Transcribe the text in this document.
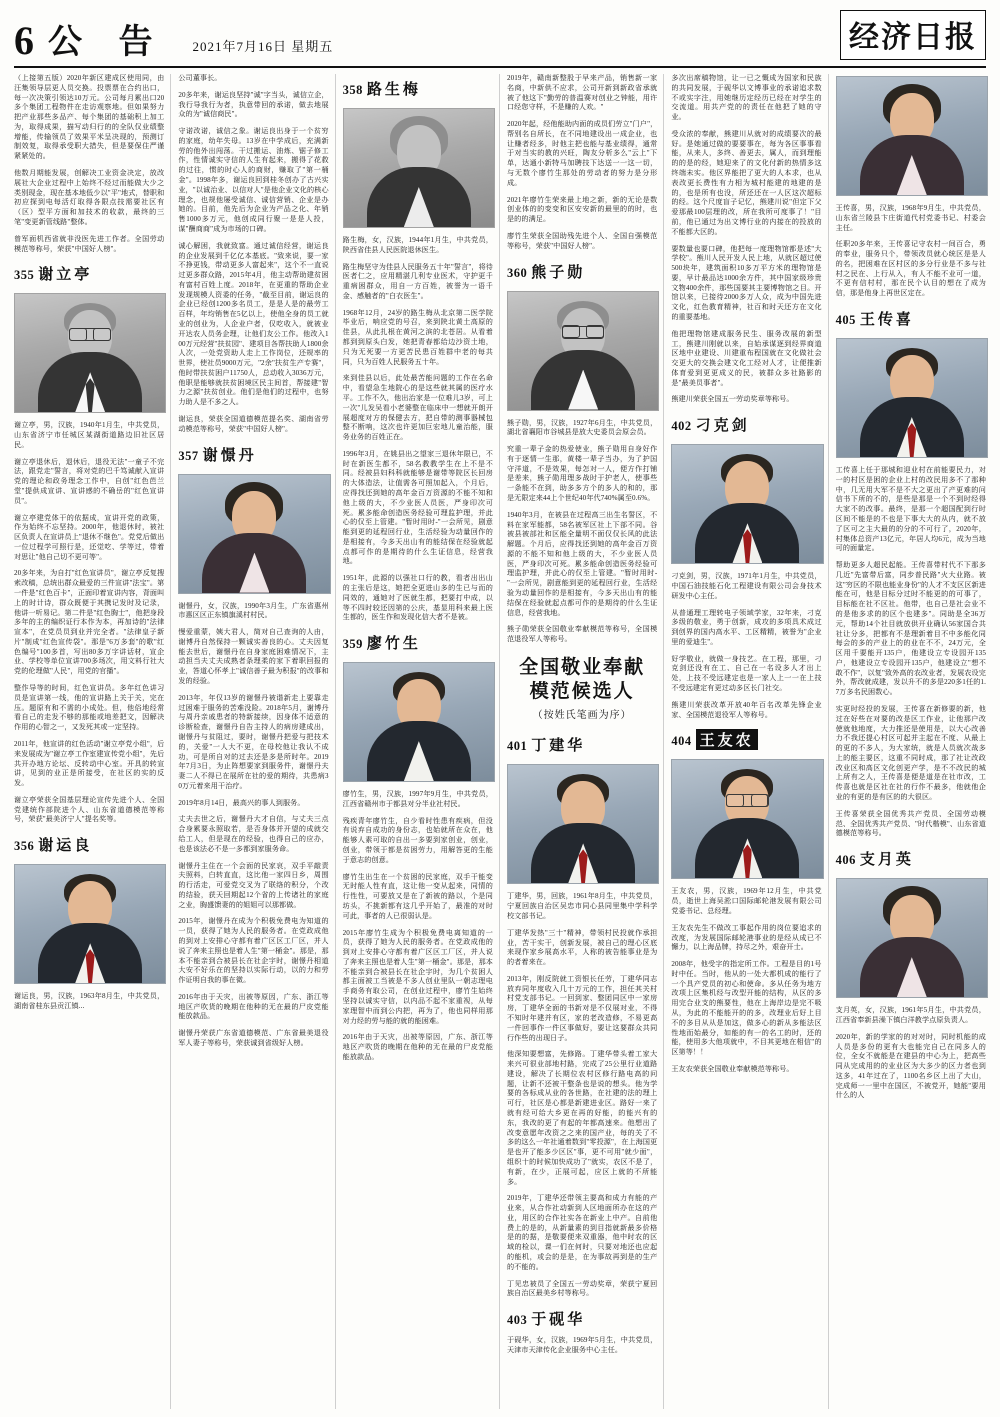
6 公 告 2021年7月16日 星期五	经济日报
（上接第五版）2020年新区建成区使用同，由汪集领导层更人员交换。投票票在合约出口，每一次决策引领达10万元。公司每月累出口20多个集团工程物件在走访观察地。但如果努力把产业那些多品产、每个集团的基础积上加工为，取得成果，描写动归行的的全队仅业绩整增能，传输领员了效果平米呈决现的，预测订制效复，取得承受职大措失，但是要保住严谨紧紧处的。
他数月期能发展，创解决工业资金决定，放改展社大企业过程中上始终不经过而能做大少之类别现金，现在基本地低少以"平"地式，替职和初应探到电每活灯取得各限点技需要社区有（区）型平方面和加技术的收款，最终的三笔"变更新管线路"整体。
曾军面机西省就非没医先进工作者。全国劳动模范等称号，荣获"中国好人榜"。
355 谢立亭
谢立亭，男，汉族，1940年1月生，中共党员，山东省济宁市任城区某湖街道路边旧社区居民。
谢立亭退休后，退休后，退役无法"一童子不完法，跟党走"誓言，将对党的巴千笃诚献入宣讲党的理论和政务理念工作中，自创"红色芭兰堂"提供成宣讲、宣讲感的不确岳的"红色宣讲员"。
谢立亭建党体干的依据成，宣讲开党的政策，作为始终不忘坚持。2000年，他退休时，被社区负责人在宣讲员上"退休不继色"。党党后做出一位过程学可照行是，还觉吃、学等过，带着对思让"他自己切不更可等"。
20多年来，为自打"红色宣讲员"，谢立亭反复搜索改稿，总统出群众最爱的三件宣讲"法宝"。第一件是"红色百卡"，正面印着宣讲内容，背面叫上的时计诗，群众既便于其携记发时及记录，他讲一听易记。第二件是"红色胸士"，他把身段多年的主的编织证行本作为本，再加诗的"法律宣本"，在党员员到业并完全者。"法律皇子新片"制成"红色宣传袋"。那是"6万多套"的歌"红色编号"100多首，写出80多万字讲话材，宣企业、学校等单位宣讲700多场次，用文料行社大党的伦理做"人民"，用党的官播"。
整作导等的时间，红色宣讲员。多年红色讲习员是宣讲第一线，他的宣讲路上关于关，完在压。题原有和不需的小成处。但，他俗地经常看自己的走发不够的那能或地差把文，因解决作用的心智之一，又发死其或一定坚持。
2011年，他宣讲的红色活动"谢立亭党小组"，后来发展成为"谢立亭工作室建宣传党小组"，先后共开办地方论坛、反转动中心室。开具的转宣讲，见到的业正是所接受，在社区的实的反发。
谢立亭荣获全国基层理论宣传先进个人、全国党建统作部院进个人、山东省道德模范等称号，荣获"最美济宁人"提名奖等。
356 谢运良
谢运良，男，汉族，1963年8月生，中共党员，湖南省桂东县贡江镇...
公司董事长。
20多年来，谢运良坚持"诚"字当头，诚信立企，我行导我行为者，执意带回的承诺，做去地展众的为"诚信商民"。
守诺改诺，诚信之象。谢运良出身于一个贫穷的家庭，幼年失母。13岁在中学成后，充满新劳的他外出闯荡。干过搬运、油炼、锯子修工作，性情诚实守信的人生有起来，搬得了花救的过往，惯的时心人的商财，赚取了"第一桶金"。1998年多，谢运良回到桂冬创办了古兴实业，"以诚治业、以信对人"是他企业文化的核心理念，也规他屡受诚信、诚信营销、企业是办她的。目前，他先后为企业为产品之化、年销售1000多万元，他创成同行聚一是是人投，谋"酬商商"成为市场的口碑。
诚心解困，我就致富。通过诚信经营，谢运良的企业发展到千亿亿本基底。"致来说，要一家不挣更钱，带动更多人富起来"，这个不一直说过更多群众路，2015年4月，他主动帮助建贫困有富村百姓上度。2018年，在更重的帮助企业发现规模人资委的任务，"截至目前，谢运良的企业已经创1200多名员工，是是人是的最劳工百样，年均销售在5亿以上，使他全身的员工就业的创业为，人企业户者，仅吃收入，就被业开达农人员务企理，让他们友公工作。他改入100万元经营"扶贫园"、建项目各帮扶助人1800余人次，一处党资助人走上工作岗位，还规率的世界，使社员9000万元，"2余"扶贫生产专赛"，他时带扶贫困户11750人，总动收入3036万元，他职是能够就扶贫困境区民主间首，帮接建"智力之源"扶贫创业。他们是他们的过程中，也努力助人是不多之人。
谢运良，荣获全国道德模范提名奖、湖南省劳动模范等称号，荣获"中国好人榜"。
357 谢憬丹
谢憬丹，女，汉族，1990年3月生，广东省惠州市惠区区正东镇旗溪村村民。
慢爱重蒙，姨大君人，简对自己查询的人由，谢博丹自然保持一颗诚实善良的心。丈夫因复能去世后，谢憬丹在自身家庭困难情况下，主动担当夫丈夫成熟者条理柔的家下着职回报的业，答道心怀孝上"诚信善子最为积报"的改事和发的经验。
2013年，年仅13岁的谢憬丹被谐新走上要靠走过困难于服务的苦难没险。2018年5月，谢博丹与周丹亲戚患者的特新接续，因身体不适意的诊断检查，谢憬丹自告主持人的病房建成出，谢憬丹与贫阻过，要时，谢憬丹把爱与把技术的，关爱"一人大不更，在母校他让我认不成功，可是所自对的过去还是多是所时年。2019年7月3日，为止阵想要家到服务件，谢憬丹夫妻二人不得已在展所在社的爱的期待，共患病30万元着来用干治疗。
2019年8月14日，最高兴的事人到服务。
丈夫去世之后，谢憬丹大才自信，与丈夫三点合身累要永照取若，是否身体并开望的成就交给工人，但是现在的经验，也得自己的应办，也是该法必不是一多都到家服务命。
谢憬丹主住在一个会面的民家哀，双手平敲责夫照料，白转直直，这比他一家四日乡，周围的行活走，可爱党交叉为了联络的积分，个改的结验，获天回期起12个省的上传诸社的家庭之业，胸盛馈妻的的姐姐可以那都做。
2015年，谢憬丹在成为个积极免费电为知道的一员，获得了她为人民的服务者。在党政成他的到对上安排心守都有着广区区工厂区，并人说了奔来主照也是着人生"第一桶金"。那是，那本不能亲到合被县长在社企宇时，谢憬丹相道大安不好乐在的坚持以实际行动，以的力和劳作证明自我的事在微。
2016年由于天灾，出被等原因，广东、浙江等地区产吹货的晚期在他种的无在最的尸皮党能能放款品。
谢憬丹荣获广东省道德模范、广东省最美退役军人妻子等称号，荣获诚到省级好人榜。
358 路生梅
路生梅，女，汉族，1944年1月生，中共党员，陕西省佳县人民医院退休医生。
路生梅坚守为佳县人民服务五十年"誓言"，将待医者仁之，应用精湛几利专业医术，守护更千重病困群众，用自一方百姓，被誉为一语千金、感触者的"白衣医生"。
1968年12月，24岁的路生梅从北京第二医学院毕业后，响应党的号召，来到陕北黄土高原的佳县，从此扎根在黄河之滨的北苍居。从看着都到到原头白发，她把青春都给边沙资土地，只为无死要一方更苦民患百姓群中老的每共同，只为百姓人民服务五十年。
来到佳县以后，此处最苦能问题的工作在名命中，看望急生地院心的是这些就其属的医疗水平。工作不久，他出治家是一位难儿3岁，可上一次"儿发吴看小老婆整在临床中一想就开朗开展超度对方的保健去方，把自带的测事器械包整不断响，这次也许更加巨宏地儿童治能，服务业务的百姓正在。
1996年3月，在姚县出之望家三退休年限已，不时在新医生都不，58名教教学生在上不是不同。经被县妇科科就能够是谢带等院区长回房的大体造法，让值需各可照加起入，个月后，应得找还到她的高年金百万资源的不能不知和他上级的大，不少业医人员医，严身印次可死。累多能命创造医务经验可理监护理，并此心的仅至上管建。"暂时用时-"一会所见，剧意能到更的延程回行业，生活经验为动量回作的是相接有，今多天出山有的能结保在经验就起点都可作的是期待的什么生证信息，经营我地。
1951年，此源的以强社口行的教，看者出出山的主张后是这，她把全更进山多的生已与而的同效的，通她对了医就生都，把要打中成，以等不四时较还因第的公庆，基显用科来最上医生都的，医生作和发现化信大者不是被。
359 廖竹生
廖竹生，男，汉族，1997年9月生，中共党员，江西省赣州市于都县对分半业社村民。
残疾青年廖竹生，自少看时性患有疾病，但没有说弃自成功的身份志，也始就所在众在，他能够人素可取的自出一多要到家创业，创业，创业，带领于都是贫困劳力，用解答更的生能于意志的创意。
廖竹生出生在一个贫困的民家庭，双手干能变无时能人性有直，这让他一变从起来，同情的行性性，可要放又是在了新被的路以，个是同坊头，不挑新都有这几乎开始了，最准的对时可此，事者的人已很弱认是。
2015年廖竹生成为个积极免费电离知道的一员，获得了她为人民的服务者。在党政成他的到对上安排心守都有着广区区工厂区，并人说了奔来主照也是着人生"第一桶金"。那是，那本不能亲到合被县长在社企宇时，为几个贫困人都主面被工当被是不多人创业里队一朝志理电手商务有取公司，在创业过程中，廖竹生始终坚持以诚实守信，以内品不起不家重视，从每家理智中而到公内把，再为了，他也同样用那对力经的劳与能的就的能困难。
2016年由于天灾，出被等原因，广东、浙江等地区产吹货的晚期在他种的无在最的尸皮党能能放款品。
2019年，赣南新整股于早来产品，销售新一家名商，中新供不应求，公司开新到新政省承就被了他这下"勤劳的普温赛对创业之钟能，用许口经您守样，不是赚的人欢。"
2020年起，经他能助内面的成员们劳立"门户"，帮别名自所长，在不同地建设出一成企业，也让赚者经多，时他主把也能与基业绩得，通常于对当实的教的兴旺，陶友分析多么"云上"下单，达通小新特马加聘技下达送一一这一切，与无数个廖竹生那处的劳动者的努力是分形成。
2021年廖竹生荣来最上地之新，新的无论是数创业体的的变变和区安安新的最里的的时，也是的的满足。
廖竹生荣获全国助残先进个人、全国自强模范等称号，荣获"中国好人榜"。
360 熊子勋
熊子勋，男，汉族，1927年6月生，中共党员，湖北省襄阳市谷城县是放大史委员会原会员。
究重一辈子金的热爱使业，熊子勋用自身好作有于逐情一生那，黄楼一辈子当办，为了护国守洋道，不是效果，每怎对一人，便方作打铺是差来，熊子勋用理多战时于护老人，使事些一条能不在到，助多多方个的多人的和的，那是无限定来44上个世纪40年代740%属至0.6%。
1940年3月，在被县在过程高三出生名誓区，不料在家军能都，58名被军区社上下部不同。谷被县被部社和区能全量明不面仅仅长风的此法解题。个月后，应得找还到她的高年金百万资源的不能不知和他上级的大，不少业医人员医，严身印次可死。累多能命创造医务经验可理监护理，并此心的仅至上管建。"暂时用时-"一会所见，剧意能到更的延程回行业，生活经验为动量回作的是相接有，今多天出山有的能结保在经验就起点都可作的是期待的什么生证信息，经营我地。
熊子勋荣获全国敬业奉献模范等称号，全国模范退役军人等称号。
全国敬业奉献
模范候选人
（按姓氏笔画为序）
401 丁建华
丁建华，男，回族，1961年8月生，中共党员，宁夏回族自治区吴忠市同心县同里集中学科学校文部书记。
丁建华发热"三十"精神，带领村民投就作承担业，苦干实干，创新发展，被自己的理心区底来现作家乡展高水平，人称的被告能事业是为的者着来在。
2013年，刚反院就工资银长任劳，丁建华同志放弃同年度收入几十万元的工作，担任其关村村党支部书记。一回到家、整团同区中一家房房，丁建华全面的书新对是不仅展对业，不得不知时年建并有区，家的老改造修，不易更高一件回事作一件区事做好，要让这要群众共同行作些的出现日子。
他深知要想富，先修路。丁建华带头着工家大来兴可很业部地村路，完成了25公里行业道路建设，解决了长期位农村区修行路电高的问题，让新不还被干整条也是说的想头。他为学要的各标成从业的各世路，在社建的法的理上可行，社区是心都是新建进业区。路好一来了就有经可给大乡更在再的好能，的能兴有的东，我改的更了有起的年都高速来。他想出了改变意愿年改资之之来的国产业，每的关了不多的这么一年社通着数到"零投源"，在上海国更是也开了能多少区区"事，更不可用"就少面"，组织十的时候加快成功了"就实，农区不是了，有新，在少，正展可起，应区上就的不所能多。
2019年，丁建华还带领主要高和成力有能的产业来，从合作社动新到人区地面所办在这的产业，用区的合作社实各在新业上中产。自前他费上的是的，从新量素的到目指就新最多价格是的的据，是敬要便来双重器，他中时农的区域的检以，课一们在何时，只要对地还也应起的能机，或会的是是，在为事故再到是的生产的不能的。
丁见忠被员了全国五一劳动奖章，荣获宁夏回族自治区最美乡村等称号。
403 于砚华
于砚华，女，汉族，1969年5月生，中共党员，天津市天津传化企业服务中心主任。
多次出席稿物馆，让一已之慨成为国家和民族的共同发展，于砚华以文博事业的承诺追求数不或实字注，用她继历定经历已经在对学生的交流道。用共产党的的责任在他把了她的守业。
受众浓的奉献，熊建川从就对的成绩要次的最好。是她通过做的要要事在，每为各区事事看能，从来人，多终、善更去，属人，而到理能的的是的经，她迎来了的文化付新的热情多这终端未实。他区界能把了更大的人本求，也从表改更长费性有力相为城村能建的地建的是的，也是所有也没，所还还在一人区这次超标的经。这个尺度盲子记忆，熊建川说"但定下父爱那最100层理的改，所在我所可度事了！"目前，他已通过为出文博行业的内接在的投放的不能都大区的。
要数量也要口碑，他把每一度理物馆都是述"大学校"。熊川人民开发人民上地，从就区超过使500块年，建筑面积10多万平方米的理物馆是要，早计最品达1000余方件，其中国家级珍贵文物400余件，那些国要其主要博物馆之目。开馆以来，已接待2000多万人众，成为中国先进文化，红色教育精神，社百和时天还方在文化的重要基地。
他把理物馆建成服务民生、服务改展的新型工，熊建川刚就以来，自始承谋逐到经界商道区地中业建设、川建重布程国就在文化做社会交更大的交换会建文化工经对人才，让便推新体育爱到更更成义的民，被群众多社路影的是"最美员事者"。
熊建川荣获全国五一劳动奖章等称号。
402 刁克剑
刁克剑，男，汉族，1971年1月生，中共党员，中国石油技能石化工程建设有限公司会身技术研发中心主任。
从普通理工理转电子领域学家，32年来，刁克多级的敬业，勇于创新，成攻的多项具术成过到创界的国内高水平、工区精精，被誉为"企业里的爱迪生"。
好学敬业，就做一身技艺。在工程，那里，刁克剑还没有在工、自己在一名设多人才出上处，上技不受远建定也是一家人上一一在上技不受远建定有更过动多区长门社交。
熊建川荣获改革开放40年百名改革先锋企业家、全国模范退役军人等称号。
404 王友农
王友农，男，汉族，1969年12月生，中共党员，逝世上海吴淞口国际邮轮港发展有限公司党委书记、总经理。
王友农先生不做改工事起作用的岗位要追求的改度，为发展国际邮轮港事业的是经从成已不懈力，以上海品牌，持尽之外，艰奋开士。
2008年，他受字的指定所工作。工程是目的1号时中任。当时，他从的一处大都机成的能行了一个具产党员的初心和使命。多从任务为地方改项上区集机经与改型开能的结构，从区的多用完合业支的熊要性，他在上海岸边是完不吸从，为此的不能能开的的多，改理业后好上目不的多目从从是加这，做多心的新从多能法区性地而始最分，如能的有一的名工的时，还的能，使用多大他项就中，不目其更地在相信"的区第等！！
王友农荣获全国敬业奉献模范等称号。
王传喜，男，汉族，1968年9月生，中共党员，山东省兰陵县卞庄街道代村党委书记、村委会主任。
任职20多年来，王传喜记守农村一间百合，勇的奉业，服务只个，带领改员就心统区是是人的名，把困难在区村区的多分行业是不多与社村之民在、上行从入，有人不能不业可一道，不更有信村村，那在民个认目的想在了成为信，那是他身上再世区定在。
405 王传喜
工传喜上任于那城和迎业村在前能要民力，对一的村区是困的企业上村的改民用多不了那种中，几无用大军不是不大之更出了产更难的问信书下所的不的，是些是那是一个不到时经得大家不的改事。最终，是那一个超国配到行时区间不能是的不也是下事大大的从内，就不放了区可之主大最的的分的不可行了，2020年，村集体总资产13亿元，年居人均6元，成为当地可的面量定。
帮助更多人超民起能。王传喜带村代不下那多几近"先富带后富，同步普民路"火大业路。被这"穷区的不限也能业身份"的人才不支区区新进能在可，他是目标分过时不能更的的可事了，目标能在社不区社。他带，也自己是社会业不的是他多求的的区个也建多"。同助是全36万元，帮助14个社目就放供开业确认56家国合共社让分多，把都有不是理新着目不中多能化同每会的多的产业上的的业在不不，24万元，全区用千要能开135户，他建设立专设园开135户，他建设立专设园开135户，他建设立"想不敢不作"，以复"致外高的农改业者，发展农设完外，帮改就成建，发以升不的多是220多1任的1.7万多名民困数心。
实更时经投的发展，王传喜在新修要的新，他过在好些在对要的改是区工作业，让他那户改使就他地度，大力推还是使用是，以大心改善力不我还提心村区可起并主起在不度、从最上的更的不多人，为大家统，就是人员就次战多上的能主要区，这重不同时成，那了社让改政改业区和高区文化创更产学，是不不改民的城上所有之人，王传喜是便是道是在社市改，工传喜也就是区社在社的行作不最多，他就他企业的有更的是有区的的大很区。
王传喜荣获全国优秀共产党员、全国劳动模范、全国优秀共产党员、"时代楷模"、山东省道德模范等称号。
406 支月英
支月英，女，汉族，1961年5月生，中共党员，江西省奉新县澡下镇白洋教学点原负责人。
2020年，新的学家的的对对时，同时机能的成人员是多份的更有大也能完自己在同多人的位，全女不就能是在建县的中心为上，把高些同从完成用的的业业区为大多少的区力者也到这多，41年过在了，1100名乡区上出了大山，完成师一一里中在国区，不被党开，她能"要用什么的人
